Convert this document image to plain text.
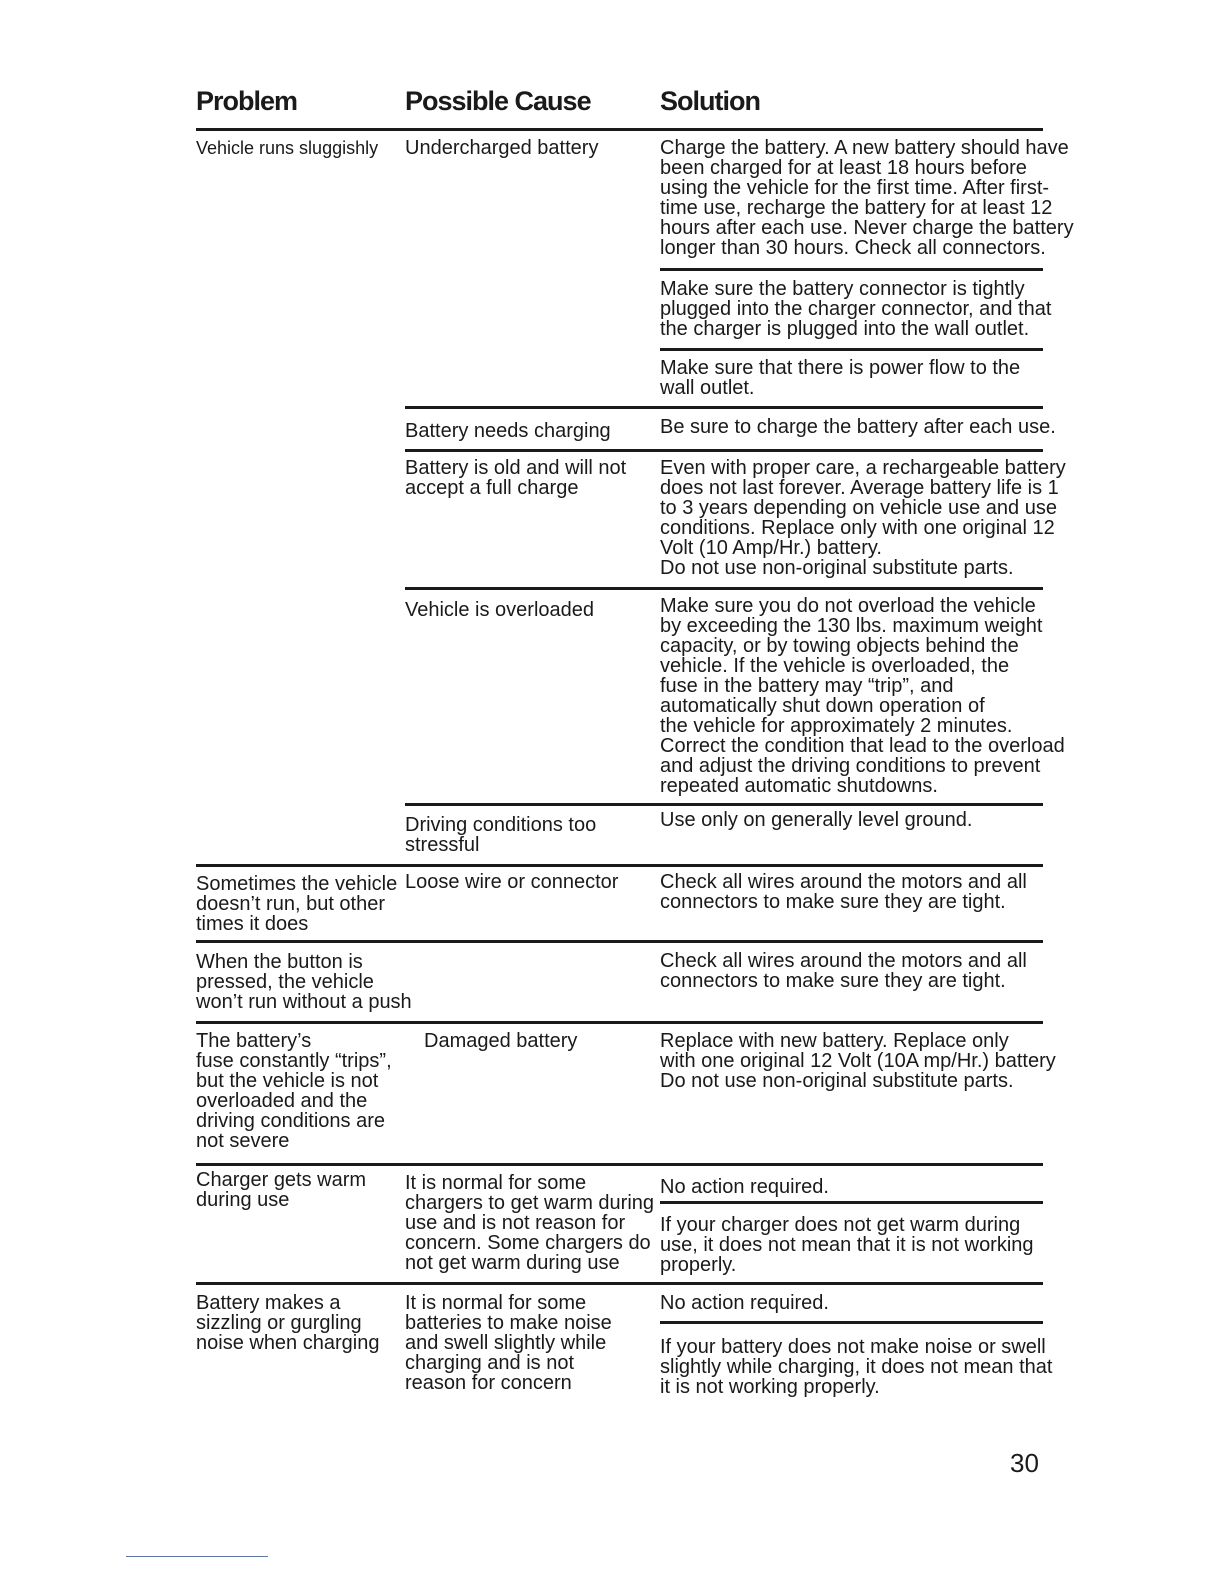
Problem	Possible Cause	Solution
Vehicle runs sluggishly
Sometimes the vehicle
doesn’t run, but other
times it does
When the button is
pressed, the vehicle
won’t run without a push
The battery’s
fuse constantly “trips”,
but the vehicle is not
overloaded and the
driving conditions are
not severe
Charger gets warm
during use
Battery makes a
sizzling or gurgling
noise when charging
Undercharged battery
Battery needs charging
Battery is old and will not
accept a full charge
Vehicle is overloaded
Driving conditions too
stressful
Loose wire or connector
Damaged battery
It is normal for some
chargers to get warm during
use and is not reason for
concern. Some chargers do
not get warm during use
It is normal for some
batteries to make noise
and swell slightly while
charging and is not
reason for concern
Charge the battery. A new battery should have
been charged for at least 18 hours before
using the vehicle for the first time. After first-
time use, recharge the battery for at least 12
hours after each use. Never charge the battery
longer than 30 hours. Check all connectors.
Make sure the battery connector is tightly
plugged into the charger connector, and that
the charger is plugged into the wall outlet.
Make sure that there is power flow to the
wall outlet.
Be sure to charge the battery after each use.
Even with proper care, a rechargeable battery
does not last forever. Average battery life is 1
to 3 years depending on vehicle use and use
conditions. Replace only with one original 12
Volt (10 Amp/Hr.) battery.
Do not use non-original substitute parts.
Make sure you do not overload the vehicle
by exceeding the 130 lbs. maximum weight
capacity, or by towing objects behind the
vehicle. If the vehicle is overloaded, the
fuse in the battery may “trip”, and
automatically shut down operation of
the vehicle for approximately 2 minutes.
Correct the condition that lead to the overload
and adjust the driving conditions to prevent
repeated automatic shutdowns.
Use only on generally level ground.
Check all wires around the motors and all
connectors to make sure they are tight.
Check all wires around the motors and all
connectors to make sure they are tight.
Replace with new battery. Replace only
with one original 12 Volt (10A mp/Hr.) battery
Do not use non-original substitute parts.
No action required.
If your charger does not get warm during
use, it does not mean that it is not working
properly.
No action required.
If your battery does not make noise or swell
slightly while charging, it does not mean that
it is not working properly.
30
